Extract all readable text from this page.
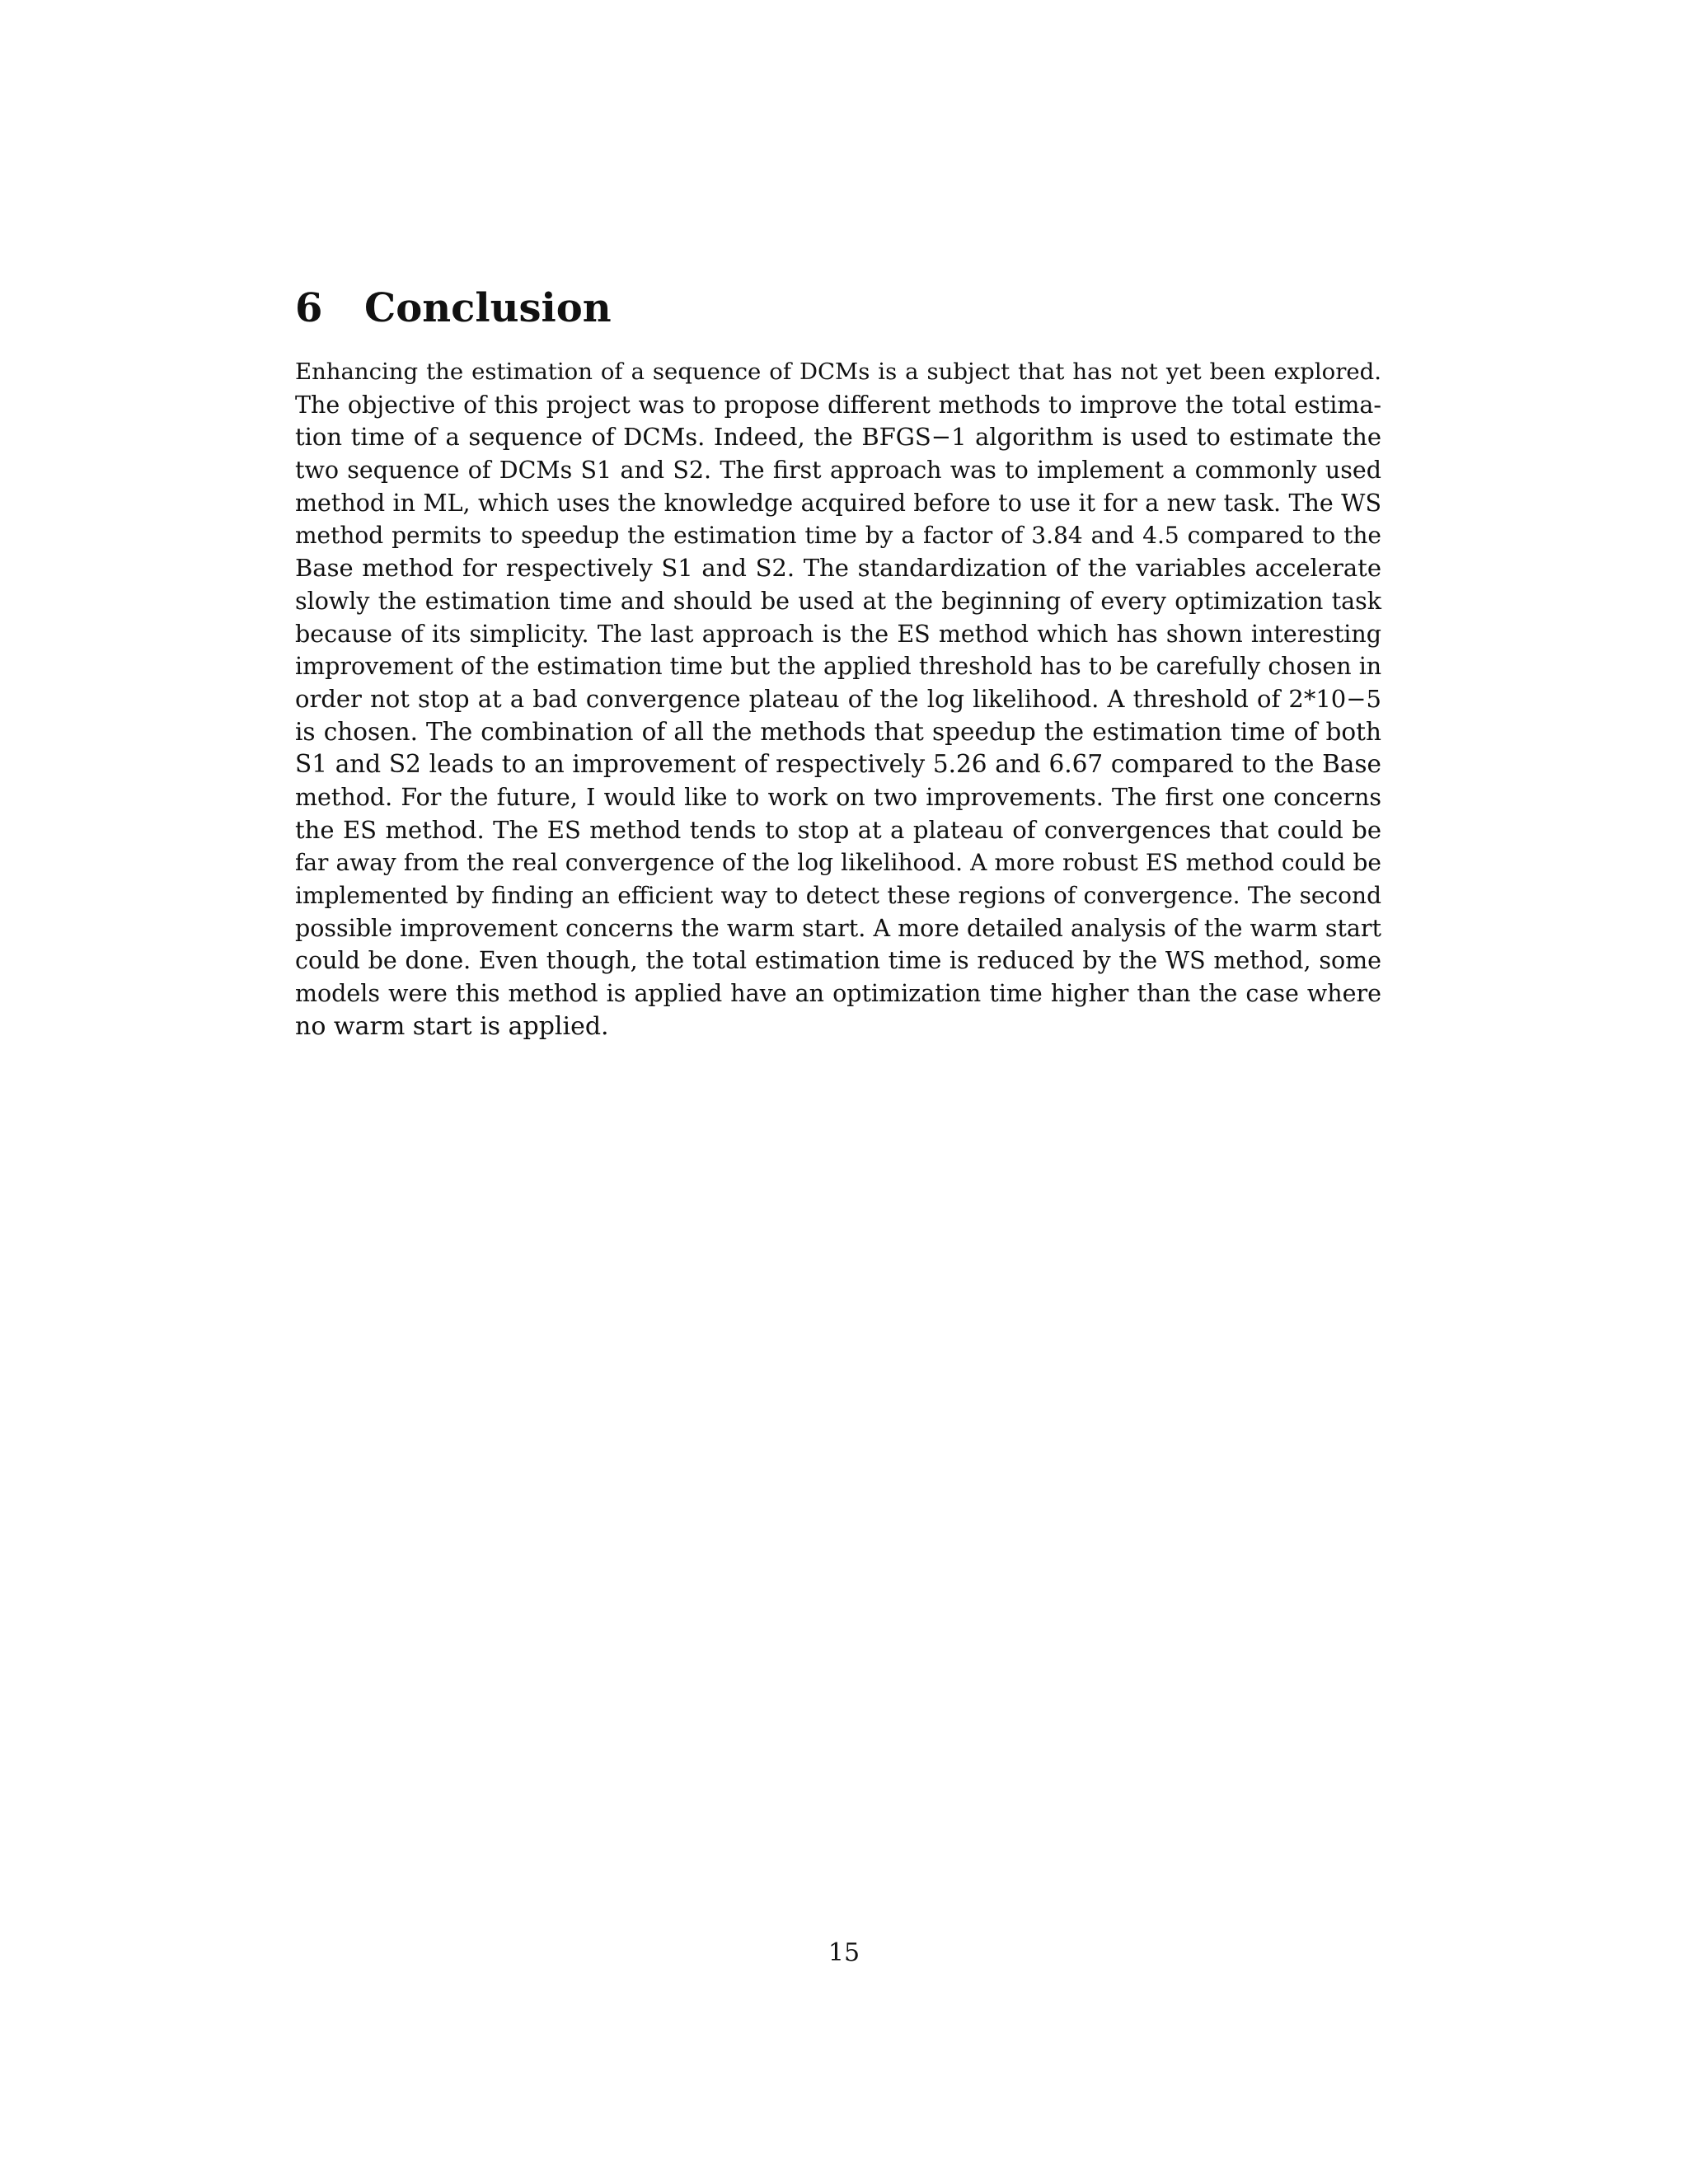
6 Conclusion
Enhancing the estimation of a sequence of DCMs is a subject that has not yet been explored.
The objective of this project was to propose different methods to improve the total estima-
tion time of a sequence of DCMs. Indeed, the BFGS−1 algorithm is used to estimate the
two sequence of DCMs S1 and S2. The first approach was to implement a commonly used
method in ML, which uses the knowledge acquired before to use it for a new task. The WS
method permits to speedup the estimation time by a factor of 3.84 and 4.5 compared to the
Base method for respectively S1 and S2. The standardization of the variables accelerate
slowly the estimation time and should be used at the beginning of every optimization task
because of its simplicity. The last approach is the ES method which has shown interesting
improvement of the estimation time but the applied threshold has to be carefully chosen in
order not stop at a bad convergence plateau of the log likelihood. A threshold of 2*10−5
is chosen. The combination of all the methods that speedup the estimation time of both
S1 and S2 leads to an improvement of respectively 5.26 and 6.67 compared to the Base
method. For the future, I would like to work on two improvements. The first one concerns
the ES method. The ES method tends to stop at a plateau of convergences that could be
far away from the real convergence of the log likelihood. A more robust ES method could be
implemented by finding an efficient way to detect these regions of convergence. The second
possible improvement concerns the warm start. A more detailed analysis of the warm start
could be done. Even though, the total estimation time is reduced by the WS method, some
models were this method is applied have an optimization time higher than the case where
no warm start is applied.
15
